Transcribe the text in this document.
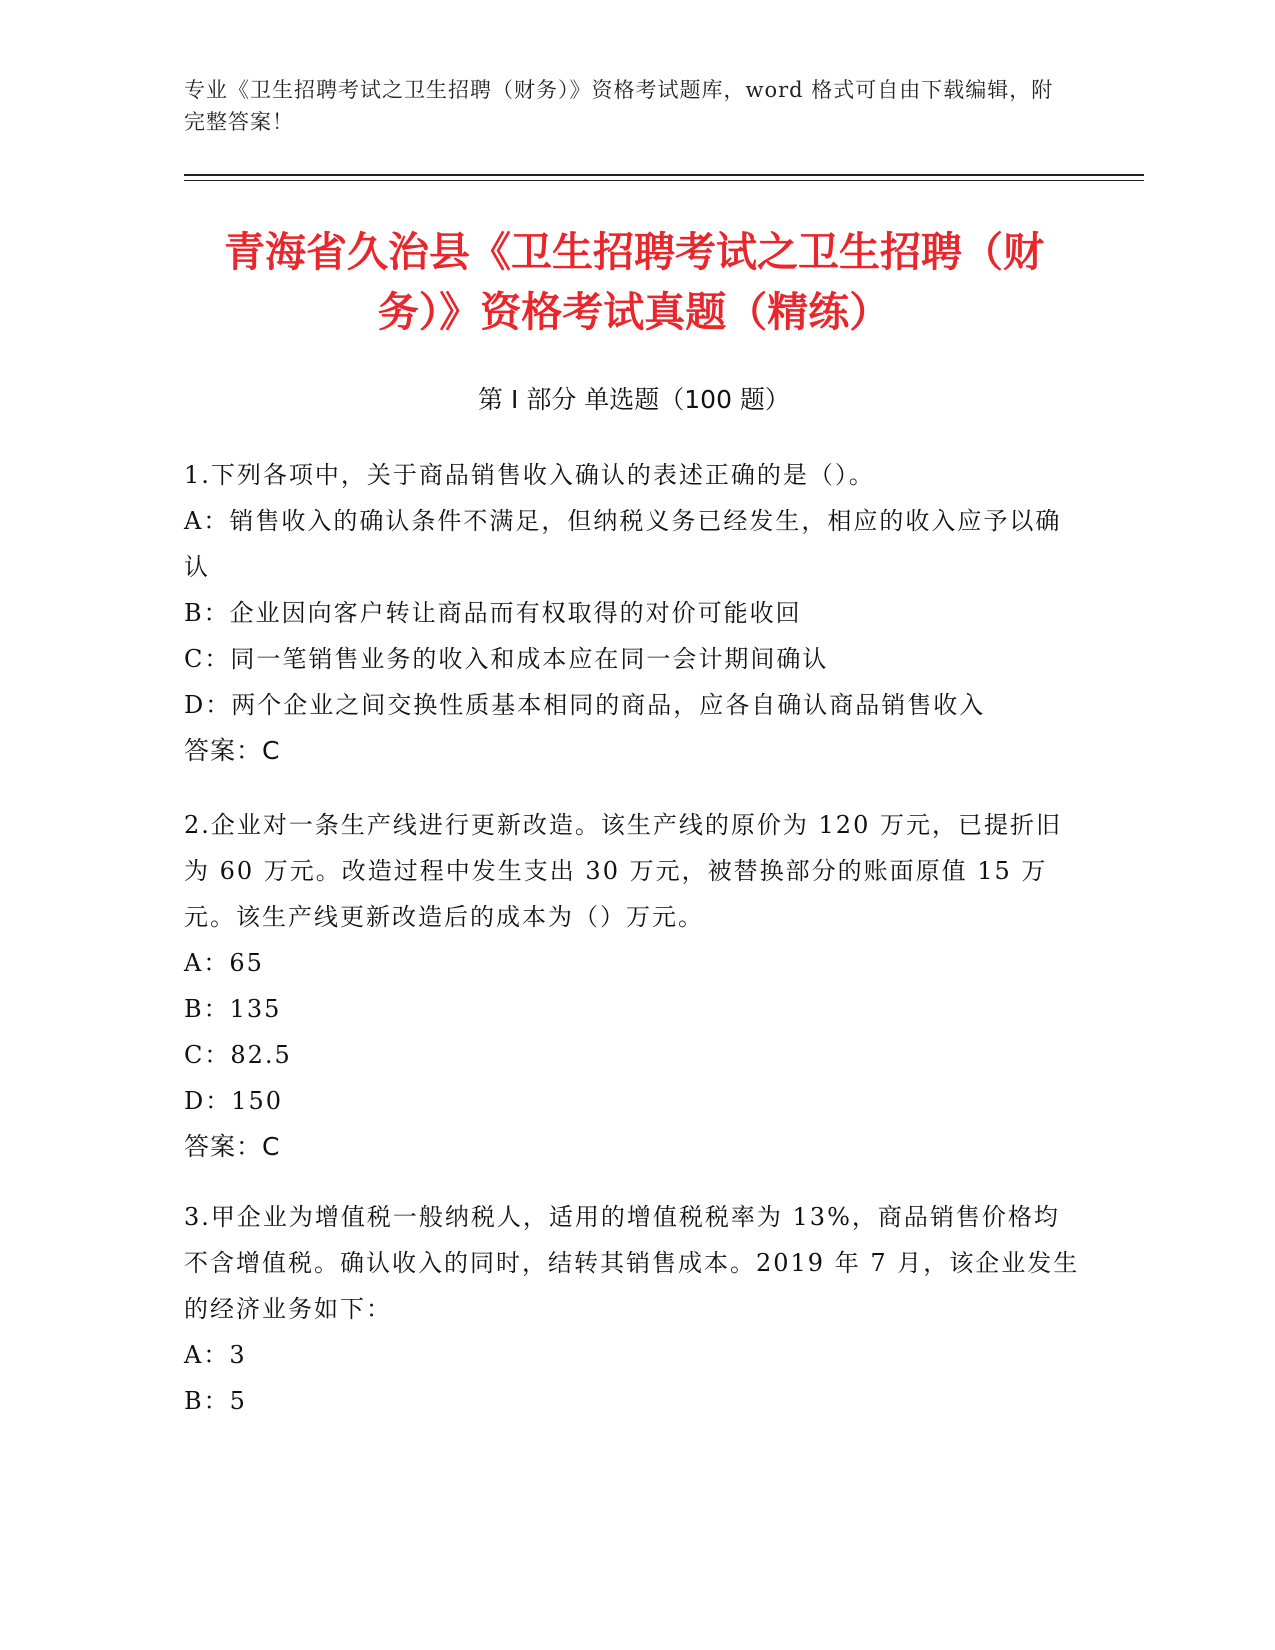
专业《卫生招聘考试之卫生招聘（财务）》资格考试题库，word 格式可自由下载编辑，附完整答案！
青海省久治县《卫生招聘考试之卫生招聘（财务）》资格考试真题（精练）
第 I 部分 单选题（100 题）
1.下列各项中，关于商品销售收入确认的表述正确的是（）。
A：销售收入的确认条件不满足，但纳税义务已经发生，相应的收入应予以确认
B：企业因向客户转让商品而有权取得的对价可能收回
C：同一笔销售业务的收入和成本应在同一会计期间确认
D：两个企业之间交换性质基本相同的商品，应各自确认商品销售收入
答案：C
2.企业对一条生产线进行更新改造。该生产线的原价为 120 万元，已提折旧为 60 万元。改造过程中发生支出 30 万元，被替换部分的账面原值 15 万元。该生产线更新改造后的成本为（）万元。
A：65
B：135
C：82.5
D：150
答案：C
3.甲企业为增值税一般纳税人，适用的增值税税率为 13%，商品销售价格均不含增值税。确认收入的同时，结转其销售成本。2019 年 7 月，该企业发生的经济业务如下：
A：3
B：5
